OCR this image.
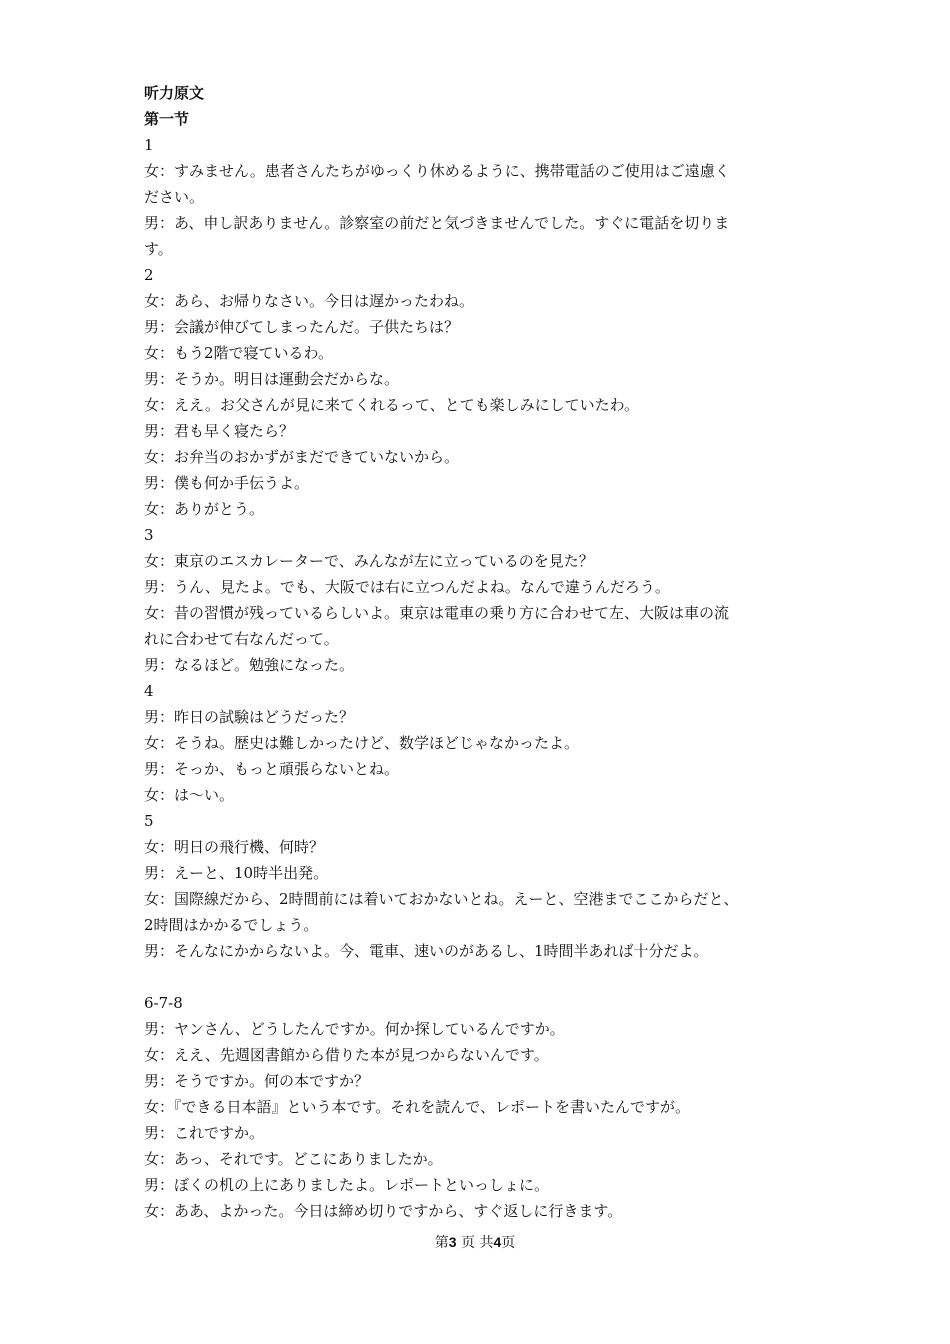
听力原文
第一节
1
女：すみません。患者さんたちがゆっくり休めるように、携帯電話のご使用はご遠慮く
ださい。
男：あ、申し訳ありません。診察室の前だと気づきませんでした。すぐに電話を切りま
す。
2
女：あら、お帰りなさい。今日は遅かったわね。
男：会議が伸びてしまったんだ。子供たちは？
女：もう2階で寝ているわ。
男：そうか。明日は運動会だからな。
女：ええ。お父さんが見に来てくれるって、とても楽しみにしていたわ。
男：君も早く寝たら？
女：お弁当のおかずがまだできていないから。
男：僕も何か手伝うよ。
女：ありがとう。
3
女：東京のエスカレーターで、みんなが左に立っているのを見た？
男：うん、見たよ。でも、大阪では右に立つんだよね。なんで違うんだろう。
女：昔の習慣が残っているらしいよ。東京は電車の乗り方に合わせて左、大阪は車の流
れに合わせて右なんだって。
男：なるほど。勉強になった。
4
男：昨日の試験はどうだった？
女：そうね。歴史は難しかったけど、数学ほどじゃなかったよ。
男：そっか、もっと頑張らないとね。
女：は〜い。
5
女：明日の飛行機、何時？
男：えーと、10時半出発。
女：国際線だから、2時間前には着いておかないとね。えーと、空港までここからだと、
2時間はかかるでしょう。
男：そんなにかからないよ。今、電車、速いのがあるし、1時間半あれば十分だよ。
6-7-8
男：ヤンさん、どうしたんですか。何か探しているんですか。
女：ええ、先週図書館から借りた本が見つからないんです。
男：そうですか。何の本ですか？
女：『できる日本語』という本です。それを読んで、レポートを書いたんですが。
男：これですか。
女：あっ、それです。どこにありましたか。
男：ぼくの机の上にありましたよ。レポートといっしょに。
女：ああ、よかった。今日は締め切りですから、すぐ返しに行きます。
第3 页 共4页
